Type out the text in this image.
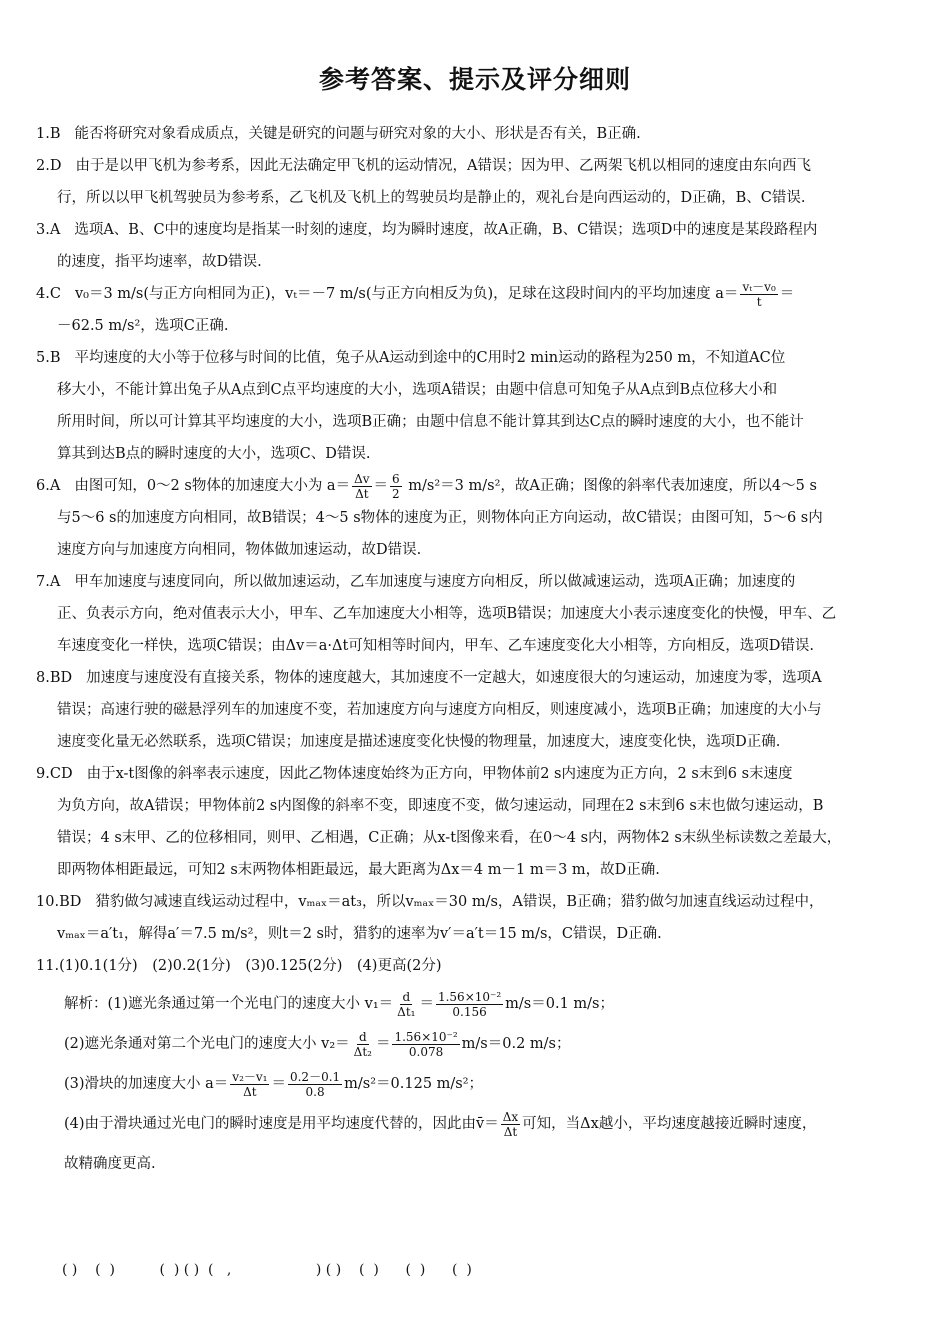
参考答案、提示及评分细则
1.B 能否将研究对象看成质点，关键是研究的问题与研究对象的大小、形状是否有关，B正确.
2.D 由于是以甲飞机为参考系，因此无法确定甲飞机的运动情况，A错误；因为甲、乙两架飞机以相同的速度由东向西飞
行，所以以甲飞机驾驶员为参考系，乙飞机及飞机上的驾驶员均是静止的，观礼台是向西运动的，D正确，B、C错误.
3.A 选项A、B、C中的速度均是指某一时刻的速度，均为瞬时速度，故A正确，B、C错误；选项D中的速度是某段路程内
的速度，指平均速率，故D错误.
4.C v₀＝3 m/s(与正方向相同为正)，vₜ＝－7 m/s(与正方向相反为负)，足球在这段时间内的平均加速度 $a= \frac{\text{vₜ－v₀}}{t}$ ＝
－62.5 m/s²，选项C正确.
5.B 平均速度的大小等于位移与时间的比值，兔子从A运动到途中的C用时2 min运动的路程为250 m，不知道AC位
移大小，不能计算出兔子从A点到C点平均速度的大小，选项A错误；由题中信息可知兔子从A点到B点位移大小和
所用时间，所以可计算其平均速度的大小，选项B正确；由题中信息不能计算其到达C点的瞬时速度的大小，也不能计
算其到达B点的瞬时速度的大小，选项C、D错误.
6.A 由图可知，0～2 s物体的加速度大小为 $a= \frac{\Delta v}{\Delta t} = \frac{6}{2} m/s^2=3$ m/s²，故A正确；图像的斜率代表加速度，所以4～5 s
与5～6 s的加速度方向相同，故B错误；4～5 s物体的速度为正，则物体向正方向运动，故C错误；由图可知，5～6 s内
速度方向与加速度方向相同，物体做加速运动，故D错误.
7.A 甲车加速度与速度同向，所以做加速运动，乙车加速度与速度方向相反，所以做减速运动，选项A正确；加速度的
正、负表示方向，绝对值表示大小，甲车、乙车加速度大小相等，选项B错误；加速度大小表示速度变化的快慢，甲车、乙
车速度变化一样快，选项C错误；由Δv＝a·Δt可知相等时间内，甲车、乙车速度变化大小相等，方向相反，选项D错误.
8.BD 加速度与速度没有直接关系，物体的速度越大，其加速度不一定越大，如速度很大的匀速运动，加速度为零，选项A
错误；高速行驶的磁悬浮列车的加速度不变，若加速度方向与速度方向相反，则速度减小，选项B正确；加速度的大小与
速度变化量无必然联系，选项C错误；加速度是描述速度变化快慢的物理量，加速度大，速度变化快，选项D正确.
9.CD 由于x-t图像的斜率表示速度，因此乙物体速度始终为正方向，甲物体前2 s内速度为正方向，2 s末到6 s末速度
为负方向，故A错误；甲物体前2 s内图像的斜率不变，即速度不变，做匀速运动，同理在2 s末到6 s末也做匀速运动，B
错误；4 s末甲、乙的位移相同，则甲、乙相遇，C正确；从x-t图像来看，在0～4 s内，两物体2 s末纵坐标读数之差最大，
即两物体相距最远，可知2 s末两物体相距最远，最大距离为Δx＝4 m－1 m＝3 m，故D正确.
10.BD 猎豹做匀减速直线运动过程中，vₘₐₓ＝at₃，所以vₘₐₓ＝30 m/s，A错误，B正确；猎豹做匀加速直线运动过程中，
vₘₐₓ＝a′t₁，解得a′＝7.5 m/s²，则t＝2 s时，猎豹的速率为v′＝a′t＝15 m/s，C错误，D正确.
11.(1)0.1(1分)　(2)0.2(1分)　(3)0.125(2分)　(4)更高(2分)
解析：(1)遮光条通过第一个光电门的速度大小 $v_1= \frac{d}{\text{Δt₁}} = \frac{\text{1.56×10⁻²}}{0.156} m/s=0.1$ m/s；
(2)遮光条通对第二个光电门的速度大小 $v_2= \frac{d}{\text{Δt₂}} = \frac{\text{1.56×10⁻²}}{0.078} m/s=0.2$ m/s；
(3)滑块的加速度大小 $a= \frac{\text{v₂－v₁}}{\Delta t} = \frac{0.2-0.1}{0.8} m/s^2=0.125$ m/s²；
(4)由于滑块通过光电门的瞬时速度是用平均速度代替的，因此由v̄＝ $\frac{\Delta x}{\Delta t}$ 可知，当Δx越小，平均速度越接近瞬时速度，
故精确度更高.
( )    (  )          (  ) ( )  (   ,                   ) ( )    (  )      (  )      (  )
